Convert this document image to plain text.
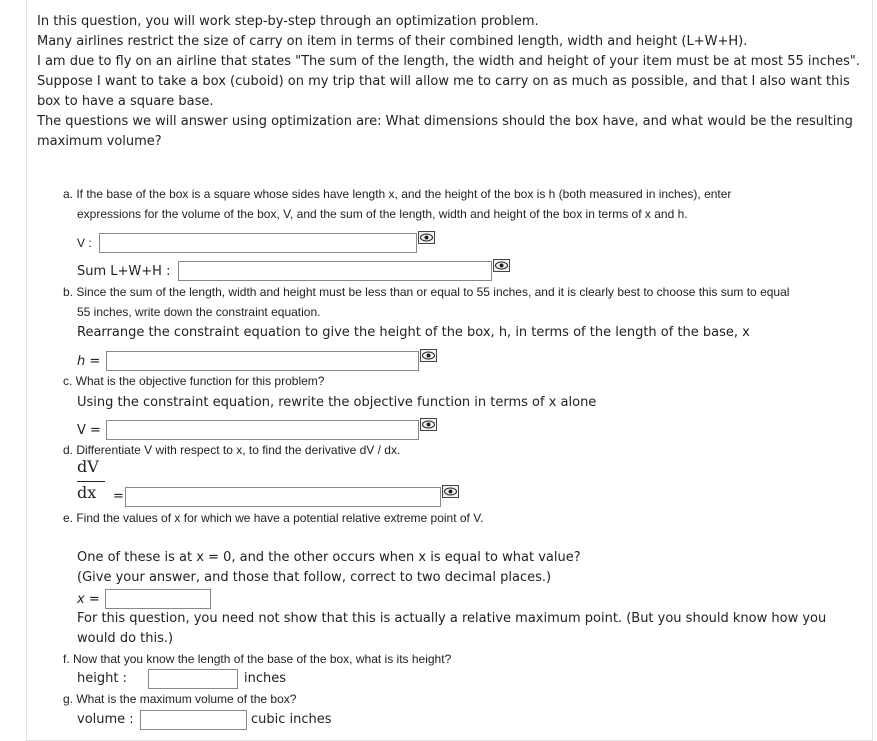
In this question, you will work step-by-step through an optimization problem.

Many airlines restrict the size of carry on item in terms of their combined length, width and height (L+W+H).

I am due to fly on an airline that states "The sum of the length, the width and height of your item must be at most 55 inches".

Suppose I want to take a box (cuboid) on my trip that will allow me to carry on as much as possible, and that I also want this box to have a square base.

The questions we will answer using optimization are: What dimensions should the box have, and what would be the resulting maximum volume?

a. If the base of the box is a square whose sides have length x, and the height of the box is h (both measured in inches), enter
expressions for the volume of the box, V, and the sum of the length, width and height of the box in terms of x and h.
V :
Sum L+W+H :
b. Since the sum of the length, width and height must be less than or equal to 55 inches, and it is clearly best to choose this sum to equal
55 inches, write down the constraint equation.
Rearrange the constraint equation to give the height of the box, h, in terms of the length of the base, x
h =
c. What is the objective function for this problem?
Using the constraint equation, rewrite the objective function in terms of x alone
V =
d. Differentiate V with respect to x, to find the derivative dV / dx.
dV
dx =
e. Find the values of x for which we have a potential relative extreme point of V.
One of these is at x = 0, and the other occurs when x is equal to what value?
(Give your answer, and those that follow, correct to two decimal places.)
x =
For this question, you need not show that this is actually a relative maximum point. (But you should know how you
would do this.)
f. Now that you know the length of the base of the box, what is its height?
height :	inches
g. What is the maximum volume of the box?
volume :	cubic inches
